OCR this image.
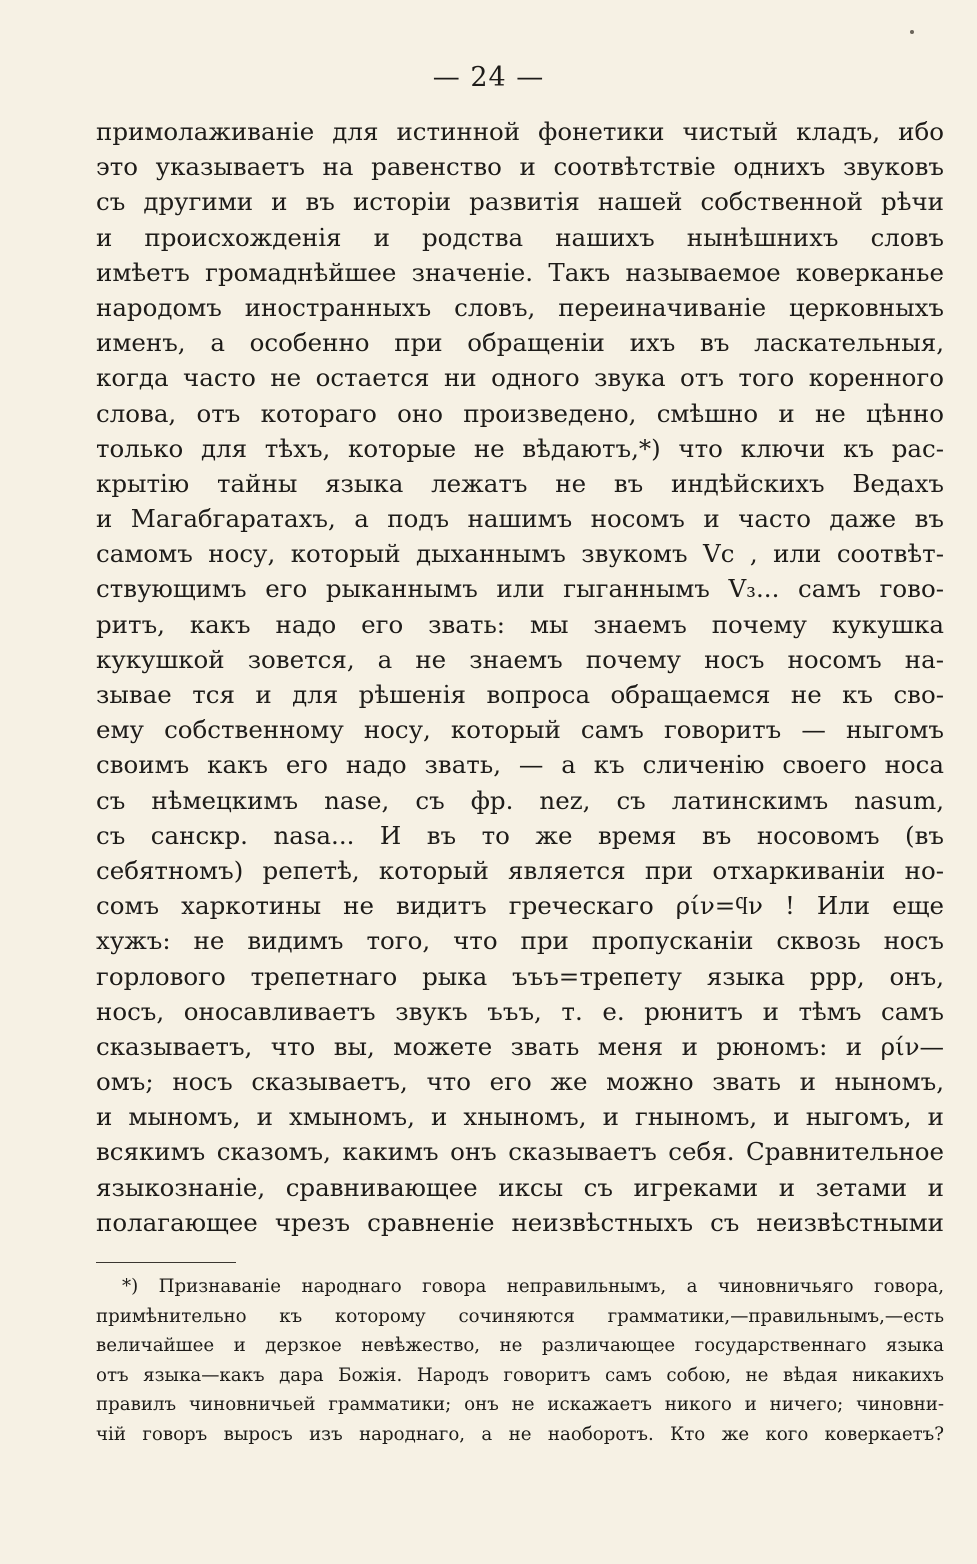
— 24 —
примолаживаніе для истинной фонетики чистый кладъ, ибо
это указываетъ на равенство и соотвѣтствіе однихъ звуковъ
съ другими и въ исторіи развитія нашей собственной рѣчи
и происхожденія и родства нашихъ нынѣшнихъ словъ
имѣетъ громаднѣйшее значеніе. Такъ называемое коверканье
народомъ иностранныхъ словъ, переиначиваніе церковныхъ
именъ, а особенно при обращеніи ихъ въ ласкательныя,
когда часто не остается ни одного звука отъ того коренного
слова, отъ котораго оно произведено, смѣшно и не цѣнно
только для тѣхъ, которые не вѣдаютъ,*) что ключи къ рас-
крытію тайны языка лежатъ не въ индѣйскихъ Ведахъ
и Магабгаратахъ, а подъ нашимъ носомъ и часто даже въ
самомъ носу, который дыханнымъ звукомъ Vc , или соотвѣт-
ствующимъ его рыканнымъ или гыганнымъ V₃... самъ гово-
ритъ, какъ надо его звать: мы знаемъ почему кукушка
кукушкой зовется, а не знаемъ почему носъ носомъ на-
зывае тся и для рѣшенія вопроса обращаемся не къ сво-
ему собственному носу, который самъ говоритъ — ныгомъ
своимъ какъ его надо звать, — а къ сличенію своего носа
съ нѣмецкимъ nase, съ фр. nez, съ латинскимъ nasum,
съ санскр. nasa... И въ то же время въ носовомъ (въ
себятномъ) репетѣ, который является при отхаркиваніи но-
сомъ харкотины не видитъ греческаго ρίν=ϥν ! Или еще
хужъ: не видимъ того, что при пропусканіи сквозь носъ
горлового трепетнаго рыка ъъъ=трепету языка ррр, онъ,
носъ, оносавливаетъ звукъ ъъъ, т. е. рюнитъ и тѣмъ самъ
сказываетъ, что вы, можете звать меня и рюномъ: и ρίν—
омъ; носъ сказываетъ, что его же можно звать и ныномъ,
и мыномъ, и хмыномъ, и хныномъ, и гныномъ, и ныгомъ, и
всякимъ сказомъ, какимъ онъ сказываетъ себя. Сравнительное
языкознаніе, сравнивающее иксы съ игреками и зетами и
полагающее чрезъ сравненіе неизвѣстныхъ съ неизвѣстными
*) Признаваніе народнаго говора неправильнымъ, а чиновничьяго говора,
примѣнительно къ которому сочиняются грамматики,—правильнымъ,—есть
величайшее и дерзкое невѣжество, не различающее государственнаго языка
отъ языка—какъ дара Божія. Народъ говоритъ самъ собою, не вѣдая никакихъ
правилъ чиновничьей грамматики; онъ не искажаетъ никого и ничего; чиновни-
чій говоръ выросъ изъ народнаго, а не наоборотъ. Кто же кого коверкаетъ?
